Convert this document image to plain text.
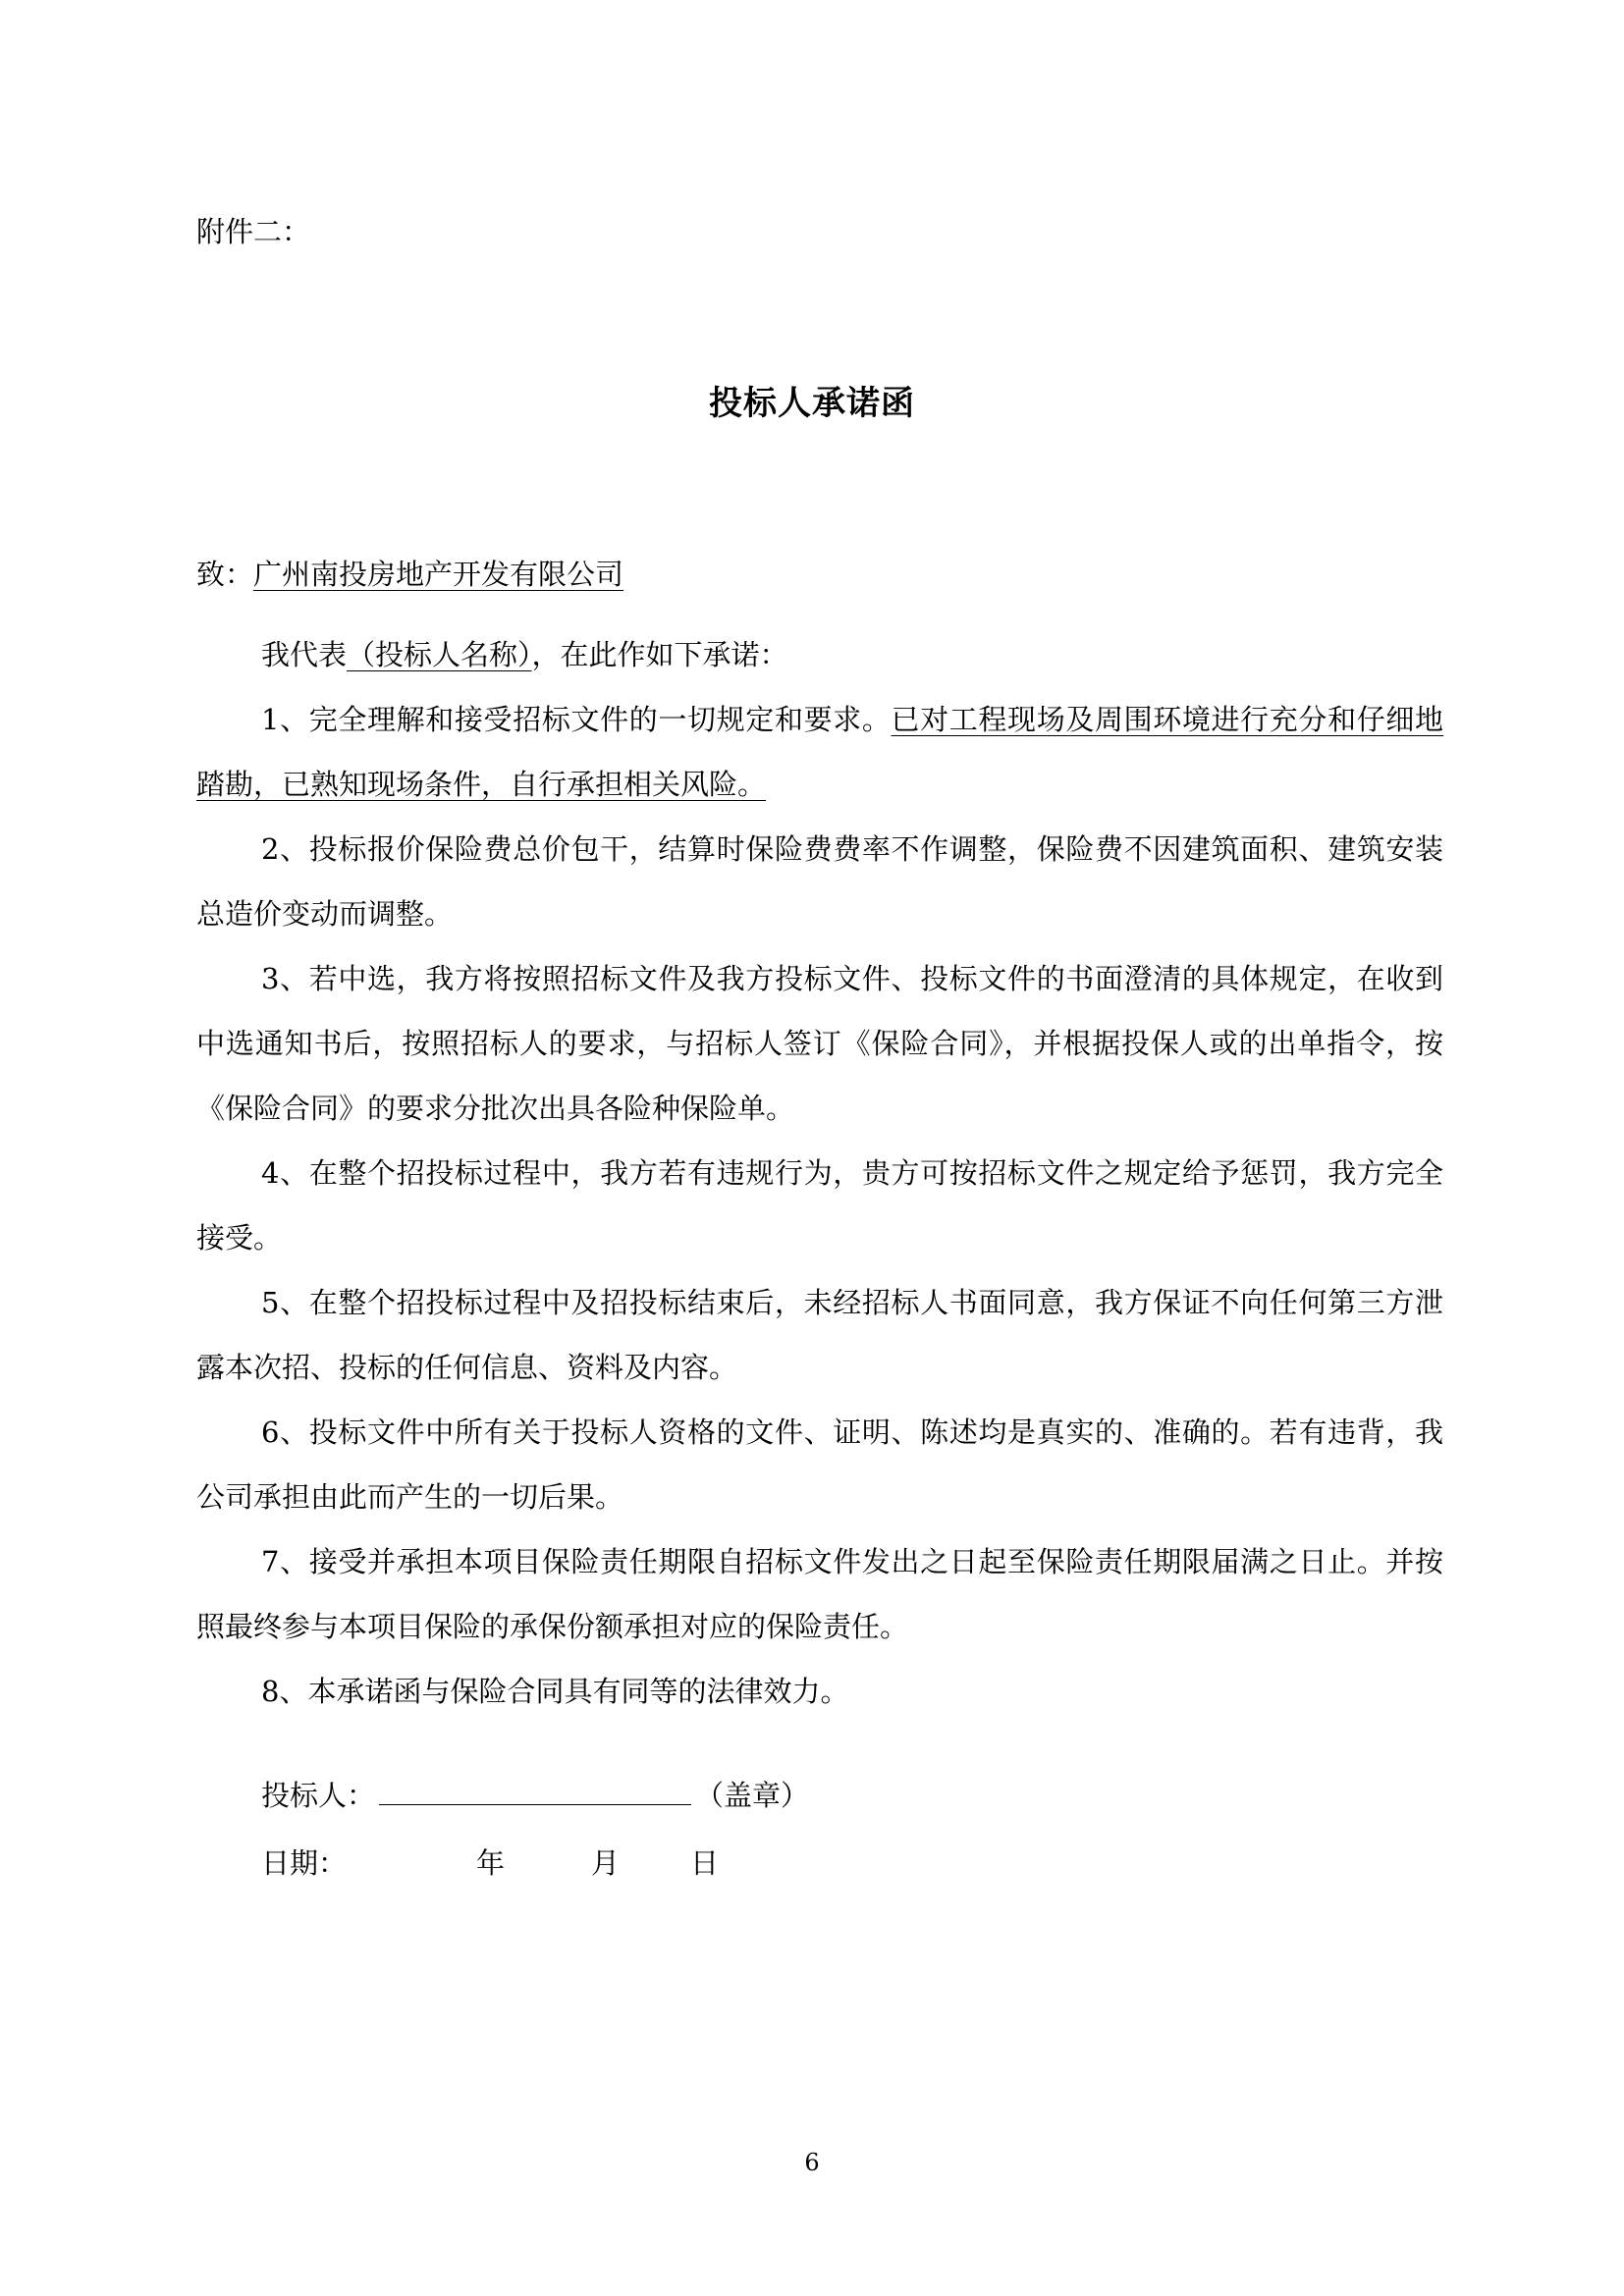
附件二：
投标人承诺函
致：广州南投房地产开发有限公司

我代表（投标人名称），在此作如下承诺：

1、完全理解和接受招标文件的一切规定和要求。已对工程现场及周围环境进行充分和仔细地踏勘，已熟知现场条件，自行承担相关风险。

2、投标报价保险费总价包干，结算时保险费费率不作调整，保险费不因建筑面积、建筑安装总造价变动而调整。

3、若中选，我方将按照招标文件及我方投标文件、投标文件的书面澄清的具体规定，在收到中选通知书后，按照招标人的要求，与招标人签订《保险合同》，并根据投保人或的出单指令，按《保险合同》的要求分批次出具各险种保险单。

4、在整个招投标过程中，我方若有违规行为，贵方可按招标文件之规定给予惩罚，我方完全接受。

5、在整个招投标过程中及招投标结束后，未经招标人书面同意，我方保证不向任何第三方泄露本次招、投标的任何信息、资料及内容。

6、投标文件中所有关于投标人资格的文件、证明、陈述均是真实的、准确的。若有违背，我公司承担由此而产生的一切后果。

7、接受并承担本项目保险责任期限自招标文件发出之日起至保险责任期限届满之日止。并按照最终参与本项目保险的承保份额承担对应的保险责任。

8、本承诺函与保险合同具有同等的法律效力。

投标人：	（盖章）
日期：	年	月 日
6
